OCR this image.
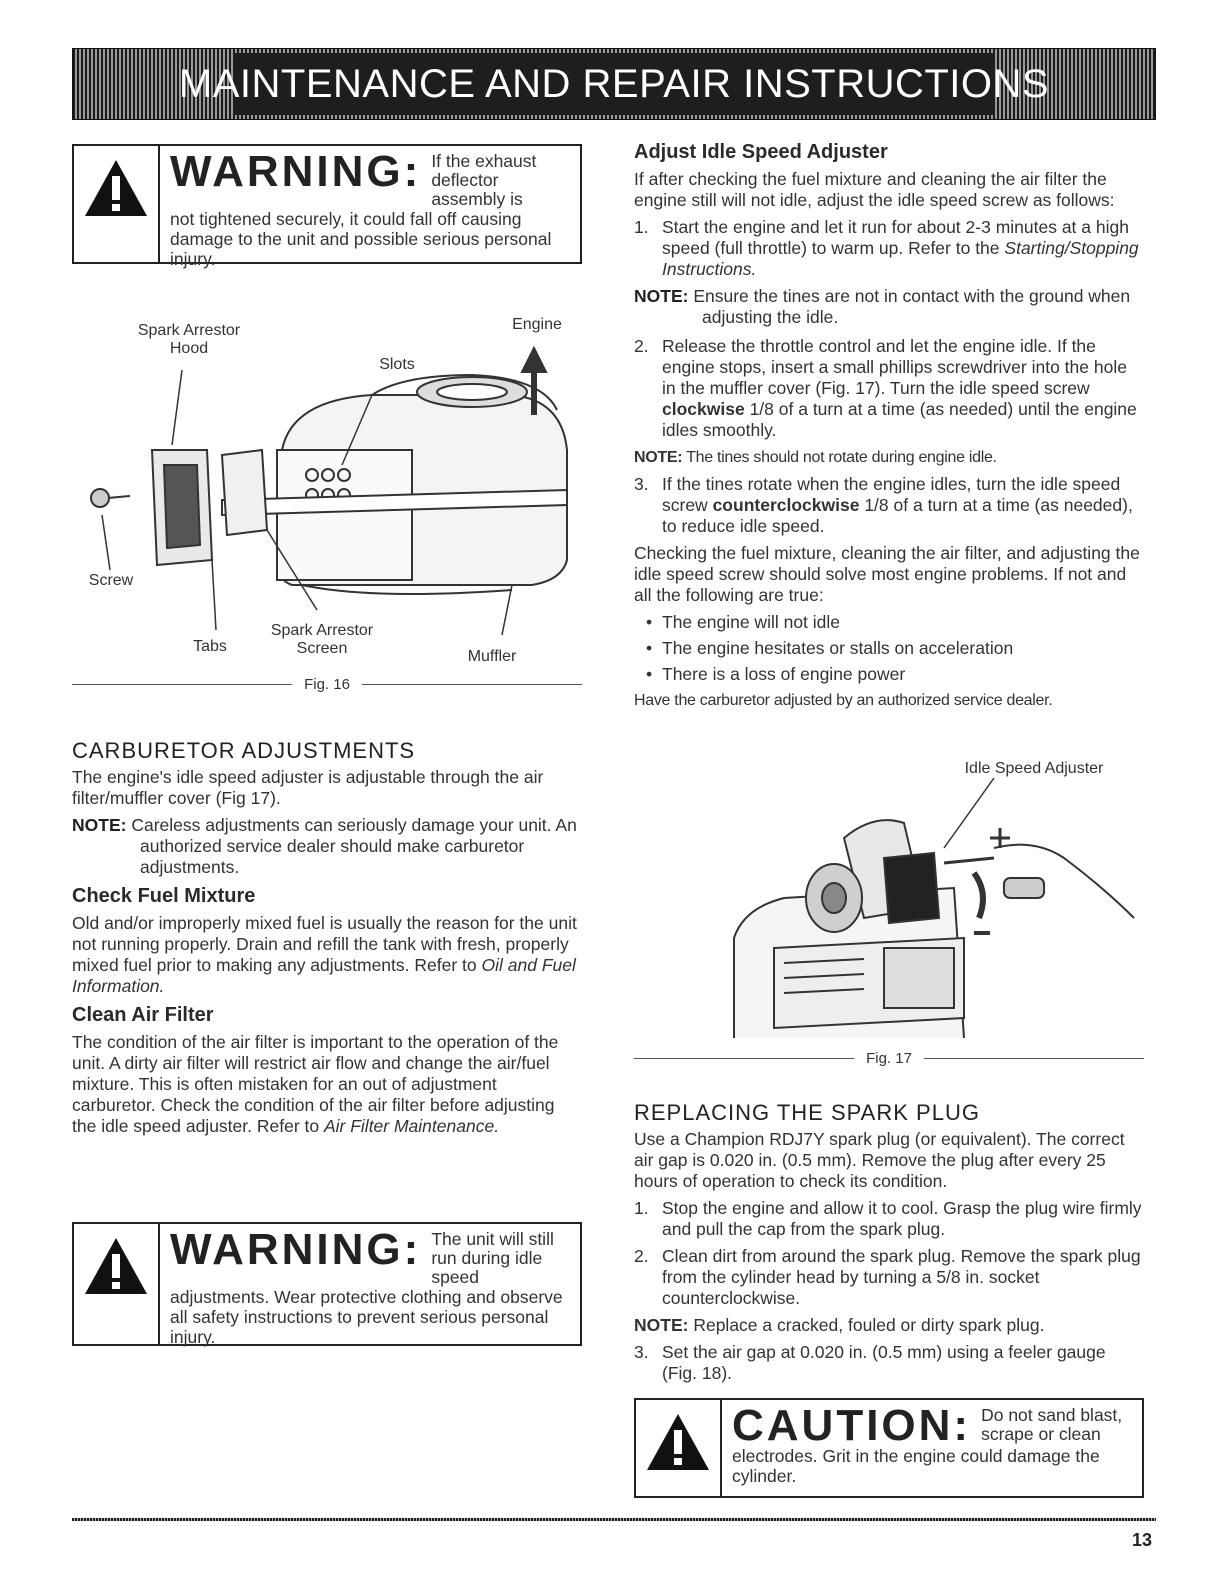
MAINTENANCE AND REPAIR INSTRUCTIONS
WARNING: If the exhaust deflector assembly is
not tightened securely, it could fall off causing damage to the unit and possible serious personal injury.
Spark Arrestor Hood
Engine
Slots
Screw
Tabs
Spark Arrestor Screen	Muffler
Fig. 16
CARBURETOR ADJUSTMENTS

The engine's idle speed adjuster is adjustable through the air filter/muffler cover (Fig 17).

NOTE: Careless adjustments can seriously damage your unit. An authorized service dealer should make carburetor adjustments.

Check Fuel Mixture

Old and/or improperly mixed fuel is usually the reason for the unit not running properly. Drain and refill the tank with fresh, properly mixed fuel prior to making any adjustments. Refer to Oil and Fuel Information.

Clean Air Filter

The condition of the air filter is important to the operation of the unit. A dirty air filter will restrict air flow and change the air/fuel mixture. This is often mistaken for an out of adjustment carburetor. Check the condition of the air filter before adjusting the idle speed adjuster. Refer to Air Filter Maintenance.

WARNING: The unit will still run during idle speed
adjustments. Wear protective clothing and observe all safety instructions to prevent serious personal injury.
Adjust Idle Speed Adjuster

If after checking the fuel mixture and cleaning the air filter the engine still will not idle, adjust the idle speed screw as follows:

1. Start the engine and let it run for about 2-3 minutes at a high speed (full throttle) to warm up. Refer to the Starting/Stopping Instructions.

NOTE: Ensure the tines are not in contact with the ground when adjusting the idle.

2. Release the throttle control and let the engine idle. If the engine stops, insert a small phillips screwdriver into the hole in the muffler cover (Fig. 17). Turn the idle speed screw clockwise 1/8 of a turn at a time (as needed) until the engine idles smoothly.

NOTE: The tines should not rotate during engine idle.

3. If the tines rotate when the engine idles, turn the idle speed screw counterclockwise 1/8 of a turn at a time (as needed), to reduce idle speed.

Checking the fuel mixture, cleaning the air filter, and adjusting the idle speed screw should solve most engine problems. If not and all the following are true:

• The engine will not idle
• The engine hesitates or stalls on acceleration
• There is a loss of engine power

Have the carburetor adjusted by an authorized service dealer.

Idle Speed Adjuster
Fig. 17
REPLACING THE SPARK PLUG

Use a Champion RDJ7Y spark plug (or equivalent). The correct air gap is 0.020 in. (0.5 mm). Remove the plug after every 25 hours of operation to check its condition.

1. Stop the engine and allow it to cool. Grasp the plug wire firmly and pull the cap from the spark plug.
2. Clean dirt from around the spark plug. Remove the spark plug from the cylinder head by turning a 5/8 in. socket counterclockwise.

NOTE: Replace a cracked, fouled or dirty spark plug.

3. Set the air gap at 0.020 in. (0.5 mm) using a feeler gauge (Fig. 18).
CAUTION: Do not sand blast, scrape or clean
electrodes. Grit in the engine could damage the cylinder.
13
